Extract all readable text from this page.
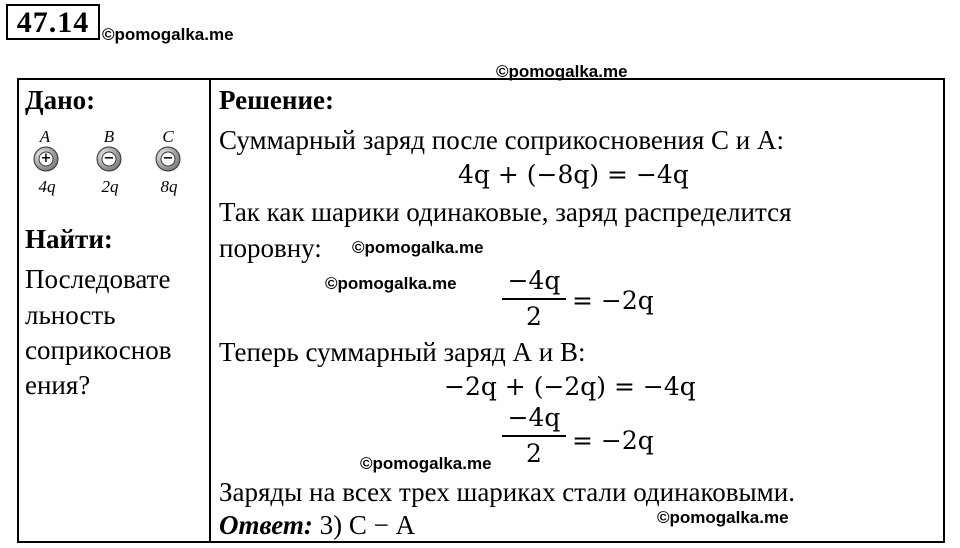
47.14 ©pomogalka.me
©pomogalka.me
©pomogalka.me
©pomogalka.me
©pomogalka.me
©pomogalka.me
Дано:
A
+
4q
B
−
2q
C
−
8q
Найти:
Последовате
льность
соприкоснов
ения?
Решение:
Суммарный заряд после соприкосновения С и А:
4q + (−8q) = −4q
Так как шарики одинаковые, заряд распределится
поровну:
−4q
2
= −2q
Теперь суммарный заряд А и В:
−2q + (−2q) = −4q
−4q
2	= −2q
Заряды на всех трех шариках стали одинаковыми.
Ответ: 3) С − А
